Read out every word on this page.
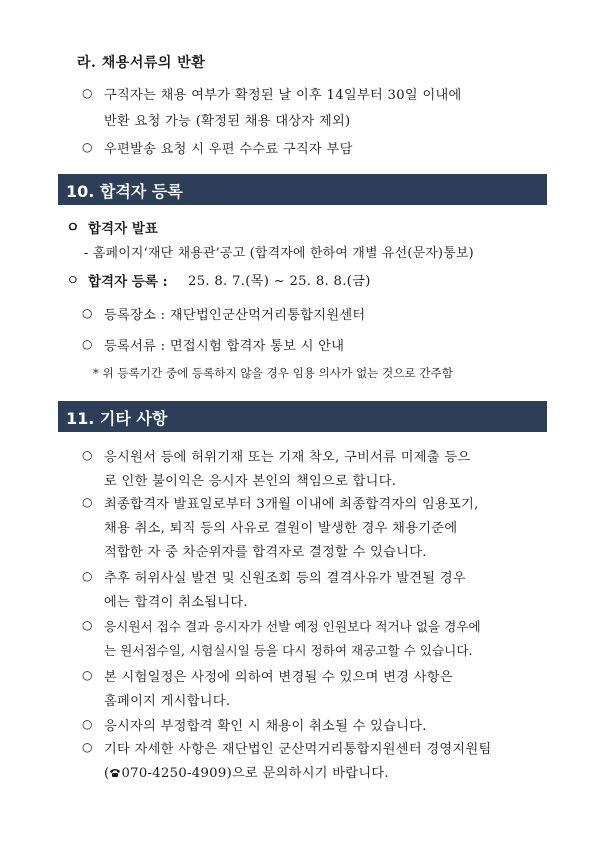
라. 채용서류의 반환
○ 구직자는 채용 여부가 확정된 날 이후 14일부터 30일 이내에
반환 요청 가능 (확정된 채용 대상자 제외)
○ 우편발송 요청 시 우편 수수료 구직자 부담
10. 합격자 등록
ㅇ 합격자 발표
- 홈페이지‘재단 채용관’공고 (합격자에 한하여 개별 유선(문자)통보)
ㅇ 합격자 등록 : 25. 8. 7.(목) ~ 25. 8. 8.(금)
○ 등록장소 : 재단법인군산먹거리통합지원센터
○ 등록서류 : 면접시험 합격자 통보 시 안내
* 위 등록기간 중에 등록하지 않을 경우 임용 의사가 없는 것으로 간주함
11. 기타 사항
○ 응시원서 등에 허위기재 또는 기재 착오, 구비서류 미제출 등으
로 인한 불이익은 응시자 본인의 책임으로 합니다.
○ 최종합격자 발표일로부터 3개월 이내에 최종합격자의 임용포기,
채용 취소, 퇴직 등의 사유로 결원이 발생한 경우 채용기준에
적합한 자 중 차순위자를 합격자로 결정할 수 있습니다.
○ 추후 허위사실 발견 및 신원조회 등의 결격사유가 발견될 경우
에는 합격이 취소됩니다.
○ 응시원서 접수 결과 응시자가 선발 예정 인원보다 적거나 없을 경우에
는 원서접수일, 시험실시일 등을 다시 정하여 재공고할 수 있습니다.
○ 본 시험일정은 사정에 의하여 변경될 수 있으며 변경 사항은
홈페이지 게시합니다.
○ 응시자의 부정합격 확인 시 채용이 취소될 수 있습니다.
○ 기타 자세한 사항은 재단법인 군산먹거리통합지원센터 경영지원팀
( 070-4250-4909)으로 문의하시기 바랍니다.
